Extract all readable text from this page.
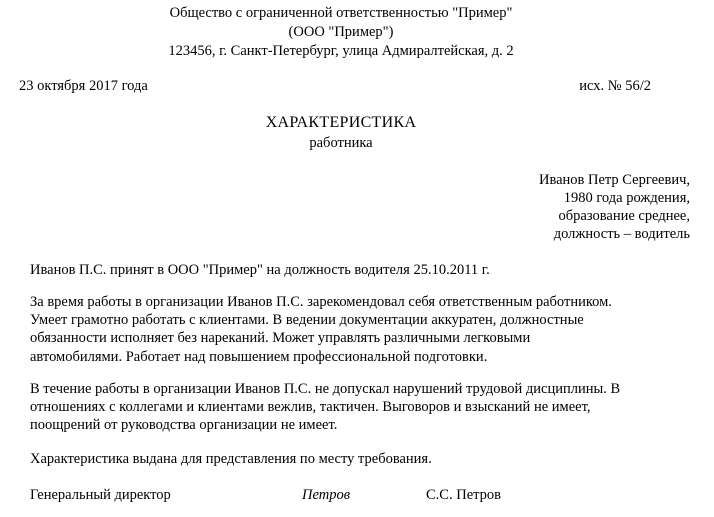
Общество с ограниченной ответственностью "Пример"
(ООО "Пример")
123456, г. Санкт-Петербург, улица Адмиралтейская, д. 2
23 октября 2017 года	исх. № 56/2
ХАРАКТЕРИСТИКА
работника
Иванов Петр Сергеевич,
1980 года рождения,
образование среднее,
должность – водитель
Иванов П.С. принят в ООО "Пример" на должность водителя 25.10.2011 г.
За время работы в организации Иванов П.С. зарекомендовал себя ответственным работником.
Умеет грамотно работать с клиентами. В ведении документации аккуратен, должностные
обязанности исполняет без нареканий. Может управлять различными легковыми
автомобилями. Работает над повышением профессиональной подготовки.
В течение работы в организации Иванов П.С. не допускал нарушений трудовой дисциплины. В
отношениях с коллегами и клиентами вежлив, тактичен. Выговоров и взысканий не имеет,
поощрений от руководства организации не имеет.
Характеристика выдана для представления по месту требования.
Генеральный директор	Петров	С.С. Петров
